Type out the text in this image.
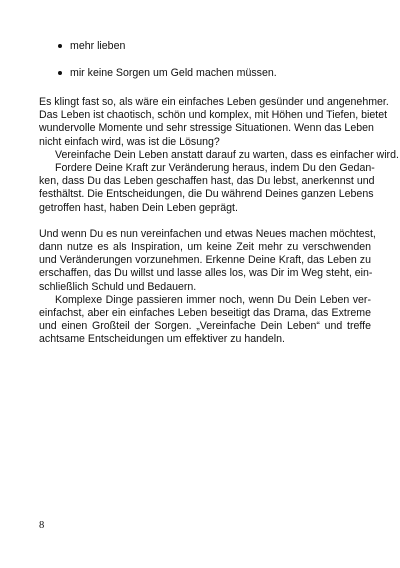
mehr lieben
mir keine Sorgen um Geld machen müssen.
Es klingt fast so, als wäre ein einfaches Leben gesünder und angenehmer.
Das Leben ist chaotisch, schön und komplex, mit Höhen und Tiefen, bietet
wundervolle Momente und sehr stressige Situationen. Wenn das Leben
nicht einfach wird, was ist die Lösung?
Vereinfache Dein Leben anstatt darauf zu warten, dass es einfacher wird.
Fordere Deine Kraft zur Veränderung heraus, indem Du den Gedan-
ken, dass Du das Leben geschaffen hast, das Du lebst, anerkennst und
festhältst. Die Entscheidungen, die Du während Deines ganzen Lebens
getroffen hast, haben Dein Leben geprägt.
Und wenn Du es nun vereinfachen und etwas Neues machen möchtest,
dann nutze es als Inspiration, um keine Zeit mehr zu verschwenden
und Veränderungen vorzunehmen. Erkenne Deine Kraft, das Leben zu
erschaffen, das Du willst und lasse alles los, was Dir im Weg steht, ein-
schließlich Schuld und Bedauern.
Komplexe Dinge passieren immer noch, wenn Du Dein Leben ver-
einfachst, aber ein einfaches Leben beseitigt das Drama, das Extreme
und einen Großteil der Sorgen. „Vereinfache Dein Leben“ und treffe
achtsame Entscheidungen um effektiver zu handeln.
8
